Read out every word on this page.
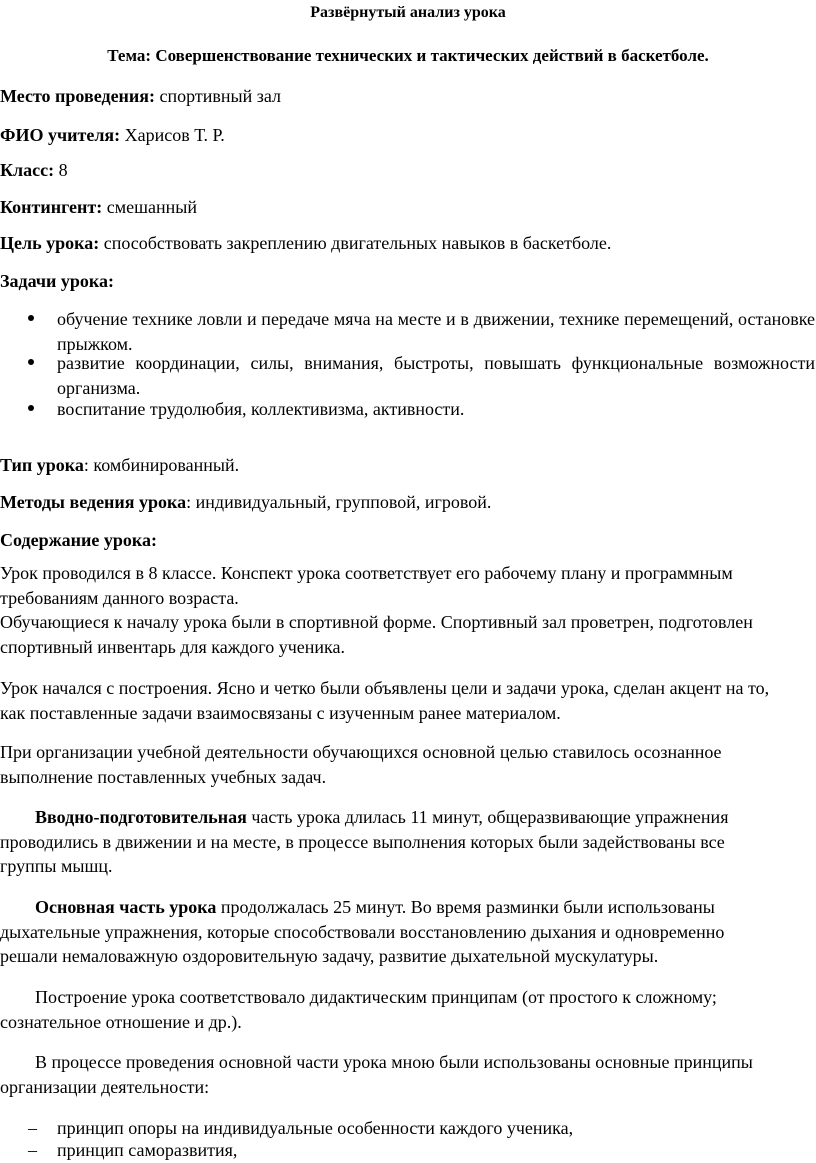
Развёрнутый анализ урока
Тема: Совершенствование технических и тактических действий в баскетболе.
Место проведения: спортивный зал
ФИО учителя: Харисов Т. Р.
Класс: 8
Контингент: смешанный
Цель урока: способствовать закреплению двигательных навыков в баскетболе.
Задачи урока:
обучение технике ловли и передаче мяча на месте и в движении, технике перемещений, остановке прыжком.
развитие координации, силы, внимания, быстроты, повышать функциональные возможности организма.
воспитание трудолюбия, коллективизма, активности.
Тип урока: комбинированный.
Методы ведения урока: индивидуальный, групповой, игровой.
Содержание урока:
Урок проводился в 8 классе. Конспект урока соответствует его рабочему плану и программным
требованиям данного возраста.
Обучающиеся к началу урока были в спортивной форме. Спортивный зал проветрен, подготовлен
спортивный инвентарь для каждого ученика.
Урок начался с построения. Ясно и четко были объявлены цели и задачи урока, сделан акцент на то,
как поставленные задачи взаимосвязаны с изученным ранее материалом.
При организации учебной деятельности обучающихся основной целью ставилось осознанное
выполнение поставленных учебных задач.
Вводно-подготовительная часть урока длилась 11 минут, общеразвивающие упражнения
проводились в движении и на месте, в процессе выполнения которых были задействованы все
группы мышц.
Основная часть урока продолжалась 25 минут. Во время разминки были использованы
дыхательные упражнения, которые способствовали восстановлению дыхания и одновременно
решали немаловажную оздоровительную задачу, развитие дыхательной мускулатуры.
Построение урока соответствовало дидактическим принципам (от простого к сложному;
сознательное отношение и др.).
В процессе проведения основной части урока мною были использованы основные принципы
организации деятельности:
– принцип опоры на индивидуальные особенности каждого ученика,
– принцип саморазвития,
